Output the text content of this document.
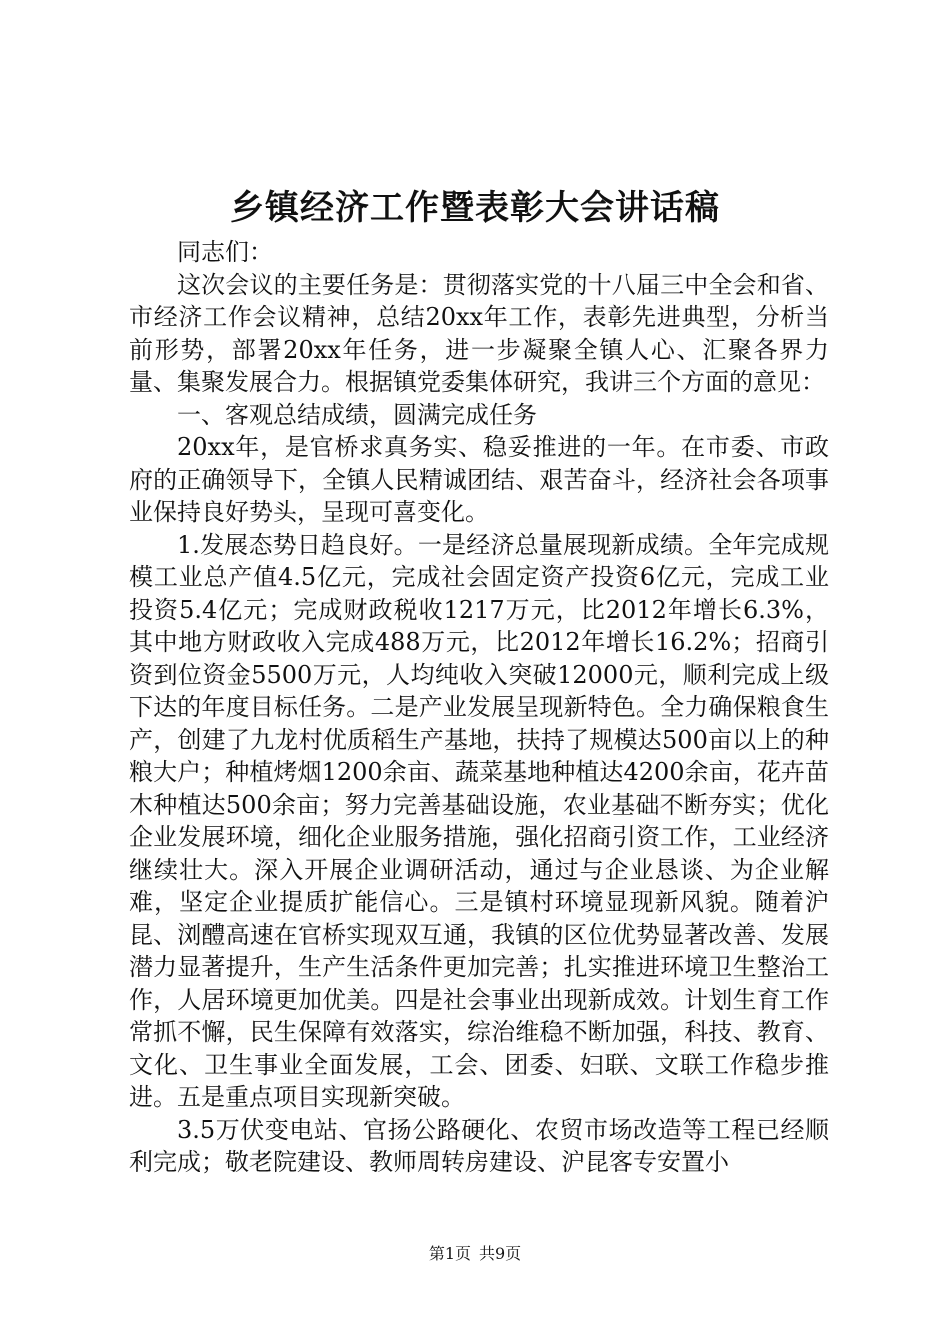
乡镇经济工作暨表彰大会讲话稿

同志们：

这次会议的主要任务是：贯彻落实党的十八届三中全会和省、市经济工作会议精神，总结20xx年工作，表彰先进典型，分析当前形势，部署20xx年任务，进一步凝聚全镇人心、汇聚各界力量、集聚发展合力。根据镇党委集体研究，我讲三个方面的意见：

一、客观总结成绩，圆满完成任务

20xx年，是官桥求真务实、稳妥推进的一年。在市委、市政府的正确领导下，全镇人民精诚团结、艰苦奋斗，经济社会各项事业保持良好势头，呈现可喜变化。

1.发展态势日趋良好。一是经济总量展现新成绩。全年完成规模工业总产值4.5亿元，完成社会固定资产投资6亿元，完成工业投资5.4亿元；完成财政税收1217万元，比2012年增长6.3%，其中地方财政收入完成488万元，比2012年增长16.2%；招商引资到位资金5500万元，人均纯收入突破12000元，顺利完成上级下达的年度目标任务。二是产业发展呈现新特色。全力确保粮食生产，创建了九龙村优质稻生产基地，扶持了规模达500亩以上的种粮大户；种植烤烟1200余亩、蔬菜基地种植达4200余亩，花卉苗木种植达500余亩；努力完善基础设施，农业基础不断夯实；优化企业发展环境，细化企业服务措施，强化招商引资工作，工业经济继续壮大。深入开展企业调研活动，通过与企业恳谈、为企业解难，坚定企业提质扩能信心。三是镇村环境显现新风貌。随着沪昆、浏醴高速在官桥实现双互通，我镇的区位优势显著改善、发展潜力显著提升，生产生活条件更加完善；扎实推进环境卫生整治工作，人居环境更加优美。四是社会事业出现新成效。计划生育工作常抓不懈，民生保障有效落实，综治维稳不断加强，科技、教育、文化、卫生事业全面发展，工会、团委、妇联、文联工作稳步推进。五是重点项目实现新突破。

3.5万伏变电站、官扬公路硬化、农贸市场改造等工程已经顺利完成；敬老院建设、教师周转房建设、沪昆客专安置小

第1页 共9页
